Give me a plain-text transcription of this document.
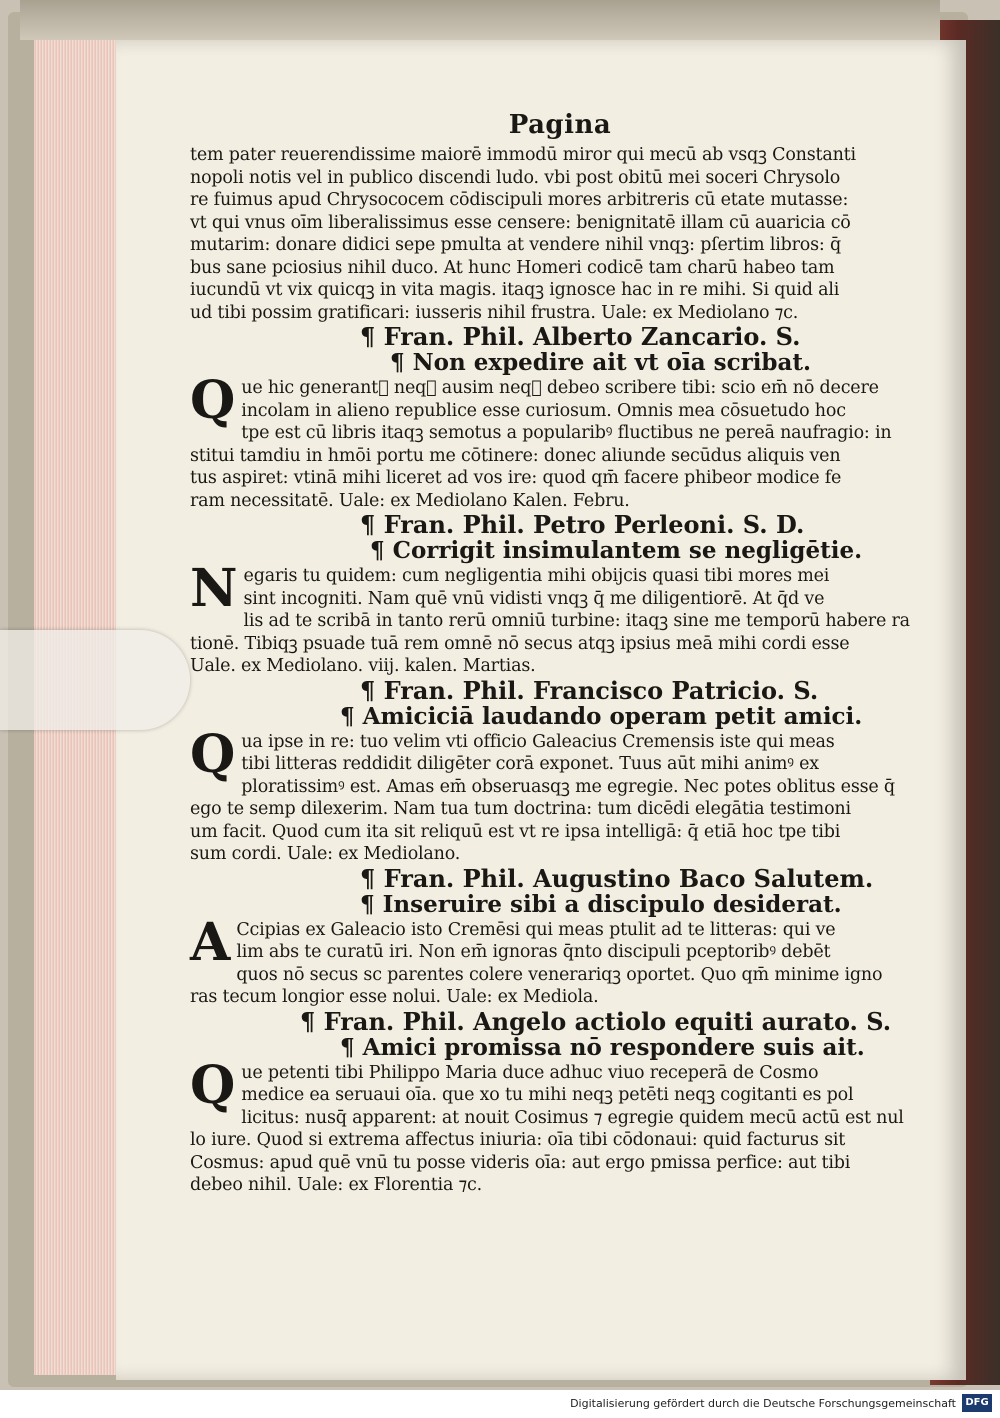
Pagina
tem pater reuerendissime maiorē immodū miror qui mecū ab vsqꝫ Constanti
nopoli notis vel in publico discendi ludo. vbi post obitū mei soceri Chrysolo
re fuimus apud Chrysococem cōdiscipuli mores arbitreris cū etate mutasse:
vt qui vnus oīm liberalissimus esse censere: benignitatē illam cū auaricia cō
mutarim: donare didici sepe pmulta at vendere nihil vnqꝫ: pſertim libros: q̄
bus sane pciosius nihil duco. At hunc Homeri codicē tam charū habeo tam
iucundū vt vix quicqꝫ in vita magis. itaqꝫ ignosce hac in re mihi. Si quid ali
ud tibi possim gratificari: iusseris nihil frustra. Uale: ex Mediolano ⁊c.
¶ Fran. Phil. Alberto Zancario. S.
¶ Non expedire ait vt oīa scribat.
Q ue hic generantᷣ neqꝫ ausim neqꝫ debeo scribere tibi: scio em̄ nō decere
incolam in alieno republice esse curiosum. Omnis mea cōsuetudo hoc
tpe est cū libris itaqꝫ semotus a popularibꝰ fluctibus ne pereā naufragio: in
stitui tamdiu in hmōi portu me cōtinere: donec aliunde secūdus aliquis ven
tus aspiret: vtinā mihi liceret ad vos ire: quod qm̄ facere phibeor modice fe
ram necessitatē. Uale: ex Mediolano Kalen. Febru.
¶ Fran. Phil. Petro Perleoni. S. D.
¶ Corrigit insimulantem se negligētie.
N egaris tu quidem: cum negligentia mihi obijcis quasi tibi mores mei
sint incogniti. Nam quē vnū vidisti vnqꝫ q̄ me diligentiorē. At q̄d ve
lis ad te scribā in tanto rerū omniū turbine: itaqꝫ sine me temporū habere ra
tionē. Tibiqꝫ psuade tuā rem omnē nō secus atqꝫ ipsius meā mihi cordi esse
Uale. ex Mediolano. viij. kalen. Martias.
¶ Fran. Phil. Francisco Patricio. S.
¶ Amiciciā laudando operam petit amici.
Q ua ipse in re: tuo velim vti officio Galeacius Cremensis iste qui meas
tibi litteras reddidit diligēter corā exponet. Tuus aūt mihi animꝰ ex
ploratissimꝰ est. Amas em̄ obseruasqꝫ me egregie. Nec potes oblitus esse q̄
ego te semp dilexerim. Nam tua tum doctrina: tum dicēdi elegātia testimoni
um facit. Quod cum ita sit reliquū est vt re ipsa intelligā: q̄ etiā hoc tpe tibi
sum cordi. Uale: ex Mediolano.
¶ Fran. Phil. Augustino Baco Salutem.
¶ Inseruire sibi a discipulo desiderat.
A Ccipias ex Galeacio isto Cremēsi qui meas ptulit ad te litteras: qui ve
lim abs te curatū iri. Non em̄ ignoras q̄nto discipuli pceptoribꝰ debēt
quos nō secus sc parentes colere venerariqꝫ oportet. Quo qm̄ minime igno
ras tecum longior esse nolui. Uale: ex Mediola.
¶ Fran. Phil. Angelo actiolo equiti aurato. S.
¶ Amici promissa nō respondere suis ait.
Q ue petenti tibi Philippo Maria duce adhuc viuo receperā de Cosmo
medice ea seruaui oīa. que xo tu mihi neqꝫ petēti neqꝫ cogitanti es pol
licitus: nusq̄ apparent: at nouit Cosimus ⁊ egregie quidem mecū actū est nul
lo iure. Quod si extrema affectus iniuria: oīa tibi cōdonaui: quid facturus sit
Cosmus: apud quē vnū tu posse videris oīa: aut ergo pmissa perfice: aut tibi
debeo nihil. Uale: ex Florentia ⁊c.
Digitalisierung gefördert durch die Deutsche Forschungsgemeinschaft DFG
